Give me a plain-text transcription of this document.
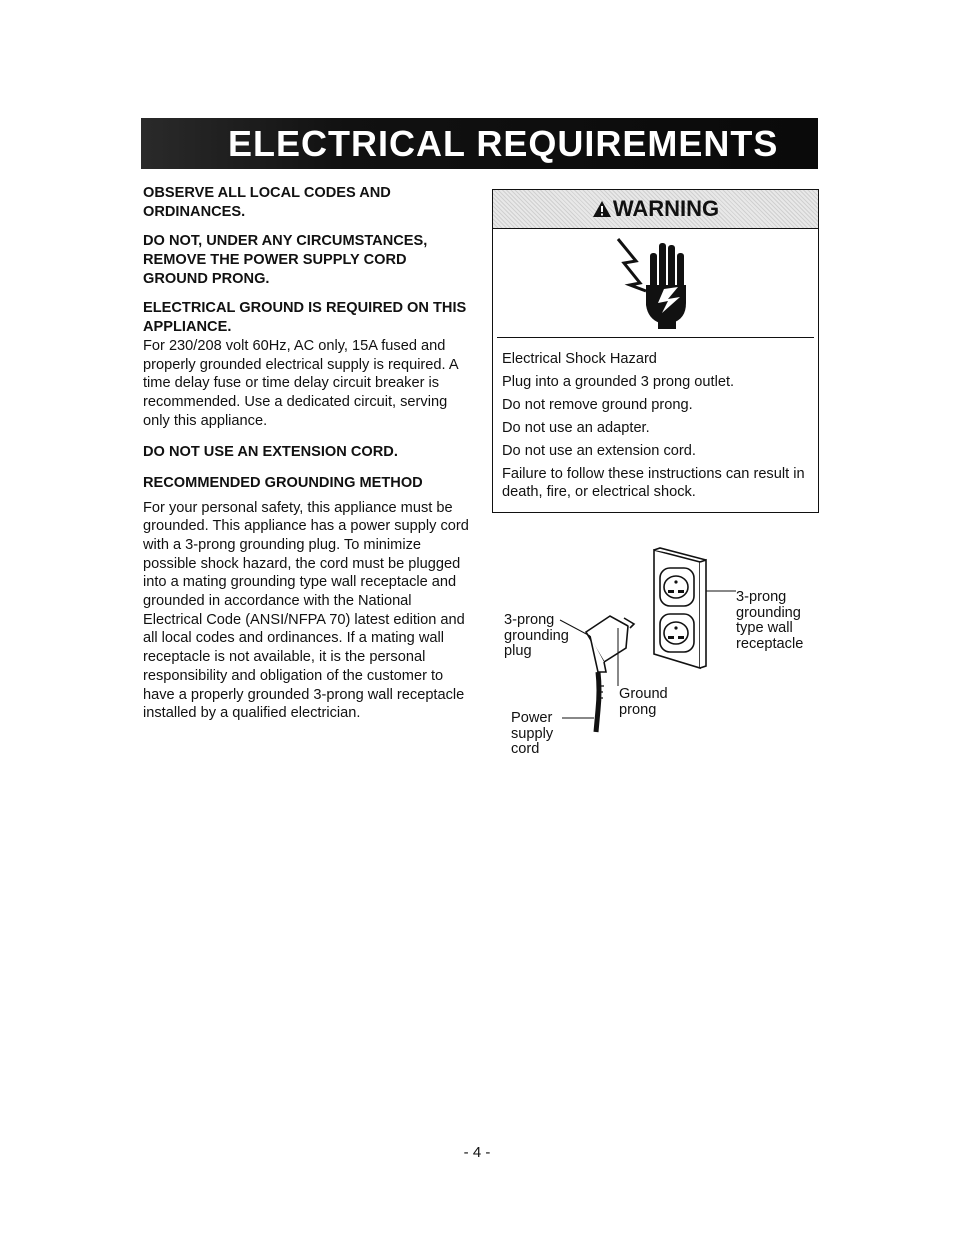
ELECTRICAL REQUIREMENTS
OBSERVE ALL LOCAL CODES AND ORDINANCES.
DO NOT, UNDER ANY CIRCUMSTANCES, REMOVE THE POWER SUPPLY CORD GROUND PRONG.
ELECTRICAL GROUND IS REQUIRED ON THIS APPLIANCE.
For 230/208 volt 60Hz, AC only, 15A fused and properly grounded electrical supply is required. A time delay fuse or time delay circuit breaker is recommended. Use a dedicated circuit, serving only this appliance.
DO NOT USE AN EXTENSION CORD.
RECOMMENDED GROUNDING METHOD
For your personal safety, this appliance must be grounded. This appliance has a power supply cord with a 3-prong grounding plug. To minimize possible shock hazard, the cord must be plugged into a mating grounding type wall receptacle and grounded in accordance with the National Electrical Code (ANSI/NFPA 70) latest edition and all local codes and ordinances. If a mating wall receptacle is not available, it is the personal responsibility and obligation of the customer to have a properly grounded 3-prong wall receptacle installed by a qualified electrician.
WARNING
Electrical Shock Hazard
Plug into a grounded 3 prong outlet.
Do not remove ground prong.
Do not use an adapter.
Do not use an extension cord.
Failure to follow these instructions can result in death, fire, or electrical shock.
3-prong
grounding
plug
3-prong
grounding
type wall
receptacle
Ground
prong
Power
supply
cord
- 4 -
